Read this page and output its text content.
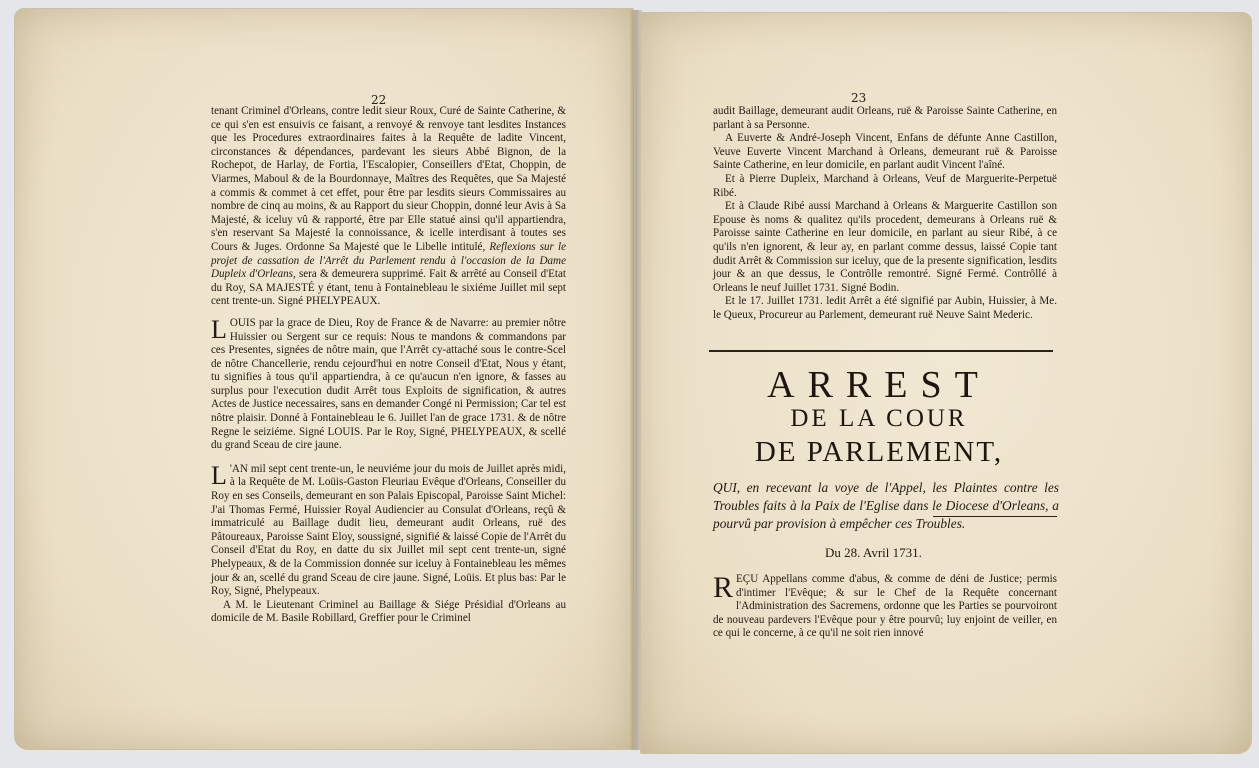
22

tenant Criminel d'Orleans, contre ledit sieur Roux, Curé de Sainte Catherine, & ce qui s'en est ensuivis ce faisant, a renvoyé & renvoye tant lesdites Instances que les Procedures extraordinaires faites à la Requête de ladite Vincent, circonstances & dépendances, pardevant les sieurs Abbé Bignon, de la Rochepot, de Harlay, de Fortia, l'Escalopier, Conseillers d'Etat, Choppin, de Viarmes, Maboul & de la Bourdonnaye, Maîtres des Requêtes, que Sa Majesté a commis & commet à cet effet, pour être par lesdits sieurs Commissaires au nombre de cinq au moins, & au Rapport du sieur Choppin, donné leur Avis à Sa Majesté, & iceluy vû & rapporté, être par Elle statué ainsi qu'il appartiendra, s'en reservant Sa Majesté la connoissance, & icelle interdisant à toutes ses Cours & Juges. Ordonne Sa Majesté que le Libelle intitulé, Reflexions sur le projet de cassation de l'Arrêt du Parlement rendu à l'occasion de la Dame Dupleix d'Orleans, sera & demeurera supprimé. Fait & arrêté au Conseil d'Etat du Roy, SA MAJESTÉ y étant, tenu à Fontainebleau le sixiéme Juillet mil sept cent trente-un. Signé PHELYPEAUX.

LOUIS par la grace de Dieu, Roy de France & de Navarre: au premier nôtre Huissier ou Sergent sur ce requis: Nous te mandons & commandons par ces Presentes, signées de nôtre main, que l'Arrêt cy-attaché sous le contre-Scel de nôtre Chancellerie, rendu cejourd'hui en notre Conseil d'Etat, Nous y étant, tu signifies à tous qu'il appartiendra, à ce qu'aucun n'en ignore, & fasses au surplus pour l'execution dudit Arrêt tous Exploits de signification, & autres Actes de Justice necessaires, sans en demander Congé ni Permission; Car tel est nôtre plaisir. Donné à Fontainebleau le 6. Juillet l'an de grace 1731. & de nôtre Regne le seiziéme. Signé LOUIS. Par le Roy, Signé, PHELYPEAUX, & scellé du grand Sceau de cire jaune.

L 'AN mil sept cent trente-un, le neuviéme jour du mois de Juillet après midi, à la Requête de M. Loüis-Gaston Fleuriau Evêque d'Orleans, Conseiller du Roy en ses Conseils, demeurant en son Palais Episcopal, Paroisse Saint Michel: J'ai Thomas Fermé, Huissier Royal Audiencier au Consulat d'Orleans, reçû & immatriculé au Baillage dudit lieu, demeurant audit Orleans, ruë des Pâtoureaux, Paroisse Saint Eloy, soussigné, signifié & laissé Copie de l'Arrêt du Conseil d'Etat du Roy, en datte du six Juillet mil sept cent trente-un, signé Phelypeaux, & de la Commission donnée sur iceluy à Fontainebleau les mêmes jour & an, scellé du grand Sceau de cire jaune. Signé, Loüis. Et plus bas: Par le Roy, Signé, Phelypeaux.

A M. le Lieutenant Criminel au Baillage & Siége Présidial d'Orleans au domicile de M. Basile Robillard, Greffier pour le Criminel

23

audit Baillage, demeurant audit Orleans, ruë & Paroisse Sainte Catherine, en parlant à sa Personne.

A Euverte & André-Joseph Vincent, Enfans de défunte Anne Castillon, Veuve Euverte Vincent Marchand à Orleans, demeurant ruë & Paroisse Sainte Catherine, en leur domicile, en parlant audit Vincent l'aîné.

Et à Pierre Dupleix, Marchand à Orleans, Veuf de Marguerite-Perpetuë Ribé.

Et à Claude Ribé aussi Marchand à Orleans & Marguerite Castillon son Epouse ès noms & qualitez qu'ils procedent, demeurans à Orleans ruë & Paroisse sainte Catherine en leur domicile, en parlant au sieur Ribé, à ce qu'ils n'en ignorent, & leur ay, en parlant comme dessus, laissé Copie tant dudit Arrêt & Commission sur iceluy, que de la presente signification, lesdits jour & an que dessus, le Contrôlle remontré. Signé Fermé. Contrôllé à Orleans le neuf Juillet 1731. Signé Bodin.

Et le 17. Juillet 1731. ledit Arrêt a été signifié par Aubin, Huissier, à Me. le Queux, Procureur au Parlement, demeurant ruë Neuve Saint Mederic.

ARREST
DE LA COUR
DE PARLEMENT,
QUI, en recevant la voye de l'Appel, les Plaintes contre les Troubles faits à la Paix de l'Eglise dans le Diocese d'Orleans, a pourvû par provision à empêcher ces Troubles.
Du 28. Avril 1731.

REÇU Appellans comme d'abus, & comme de déni de Justice; permis d'intimer l'Evêque; & sur le Chef de la Requête concernant l'Administration des Sacremens, ordonne que les Parties se pourvoiront de nouveau pardevers l'Evêque pour y être pourvû; luy enjoint de veiller, en ce qui le concerne, à ce qu'il ne soit rien innové
